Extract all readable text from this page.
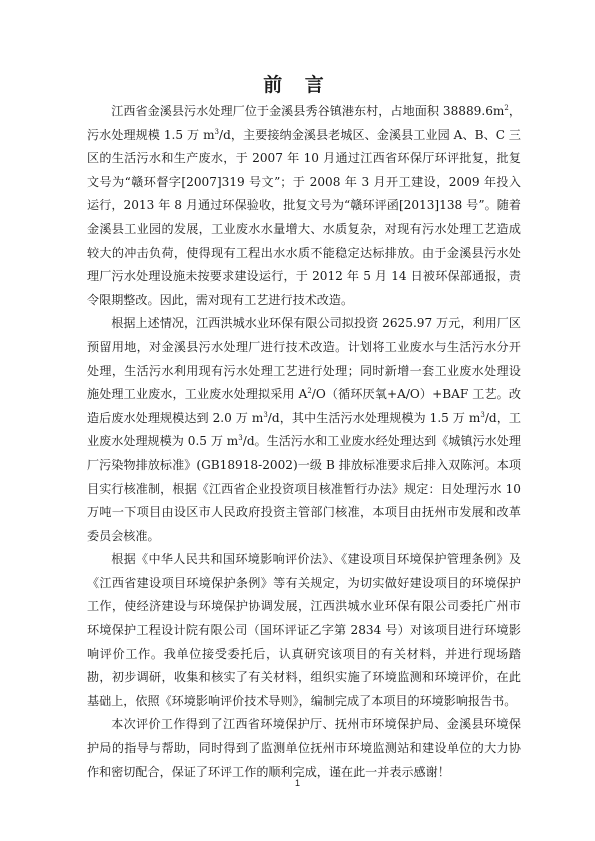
前 言

江西省金溪县污水处理厂位于金溪县秀谷镇港东村，占地面积 $38889.6m^2$，污水处理规模 1.5 万 $m^3/d$，主要接纳金溪县老城区、金溪县工业园 A、B、C 三区的生活污水和生产废水，于 2007 年 10 月通过江西省环保厅环评批复，批复文号为“赣环督字[2007]319 号文”；于 2008 年 3 月开工建设，2009 年投入运行，2013 年 8 月通过环保验收，批复文号为“赣环评函[2013]138 号”。随着金溪县工业园的发展，工业废水水量增大、水质复杂，对现有污水处理工艺造成较大的冲击负荷，使得现有工程出水水质不能稳定达标排放。由于金溪县污水处理厂污水处理设施未按要求建设运行，于 2012 年 5 月 14 日被环保部通报，责令限期整改。因此，需对现有工艺进行技术改造。

根据上述情况，江西洪城水业环保有限公司拟投资 2625.97 万元，利用厂区预留用地，对金溪县污水处理厂进行技术改造。计划将工业废水与生活污水分开处理，生活污水利用现有污水处理工艺进行处理；同时新增一套工业废水处理设施处理工业废水，工业废水处理拟采用 $A^2/O$（循环厌氧+A/O）+BAF 工艺。改造后废水处理规模达到 2.0 万 $m^3/d$，其中生活污水处理规模为 1.5 万 $m^3/d$，工业废水处理规模为 0.5 万 $m^3/d$。生活污水和工业废水经处理达到《城镇污水处理厂污染物排放标准》(GB18918-2002)一级 B 排放标准要求后排入双陈河。本项目实行核准制，根据《江西省企业投资项目核准暂行办法》规定：日处理污水 10 万吨一下项目由设区市人民政府投资主管部门核准，本项目由抚州市发展和改革委员会核准。

根据《中华人民共和国环境影响评价法》、《建设项目环境保护管理条例》及《江西省建设项目环境保护条例》等有关规定，为切实做好建设项目的环境保护工作，使经济建设与环境保护协调发展，江西洪城水业环保有限公司委托广州市环境保护工程设计院有限公司（国环评证乙字第 2834 号）对该项目进行环境影响评价工作。我单位接受委托后，认真研究该项目的有关材料，并进行现场踏勘，初步调研，收集和核实了有关材料，组织实施了环境监测和环境评价，在此基础上，依照《环境影响评价技术导则》，编制完成了本项目的环境影响报告书。

本次评价工作得到了江西省环境保护厅、抚州市环境保护局、金溪县环境保护局的指导与帮助，同时得到了监测单位抚州市环境监测站和建设单位的大力协作和密切配合，保证了环评工作的顺利完成，谨在此一并表示感谢！

1
